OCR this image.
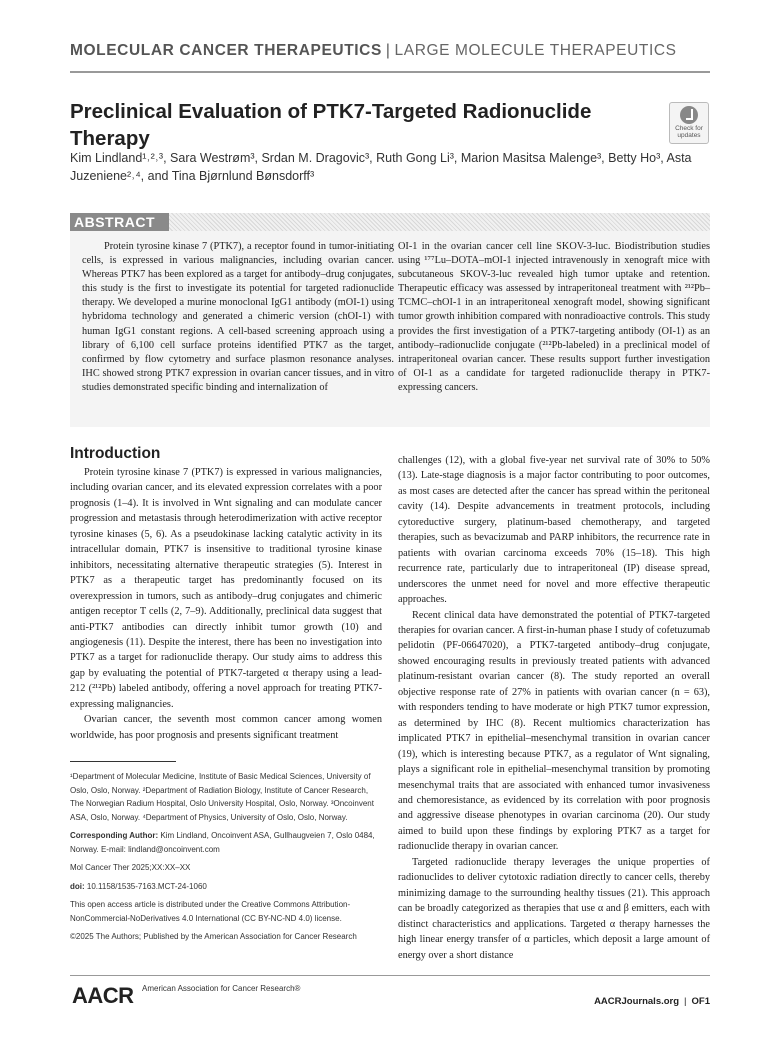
MOLECULAR CANCER THERAPEUTICS | LARGE MOLECULE THERAPEUTICS
Preclinical Evaluation of PTK7-Targeted Radionuclide Therapy	Check for updates
Kim Lindland¹˒²˒³, Sara Westrøm³, Srdan M. Dragovic³, Ruth Gong Li³, Marion Masitsa Malenge³, Betty Ho³, Asta Juzeniene²˒⁴, and Tina Bjørnlund Bønsdorff³
ABSTRACT

Protein tyrosine kinase 7 (PTK7), a receptor found in tumor-initiating cells, is expressed in various malignancies, including ovarian cancer. Whereas PTK7 has been explored as a target for antibody–drug conjugates, this study is the first to investigate its potential for targeted radionuclide therapy. We developed a murine monoclonal IgG1 antibody (mOI-1) using hybridoma technology and generated a chimeric version (chOI-1) with human IgG1 constant regions. A cell-based screening approach using a library of 6,100 cell surface proteins identified PTK7 as the target, confirmed by flow cytometry and surface plasmon resonance analyses. IHC showed strong PTK7 expression in ovarian cancer tissues, and in vitro studies demonstrated specific binding and internalization of

OI-1 in the ovarian cancer cell line SKOV-3-luc. Biodistribution studies using ¹⁷⁷Lu–DOTA–mOI-1 injected intravenously in xenograft mice with subcutaneous SKOV-3-luc revealed high tumor uptake and retention. Therapeutic efficacy was assessed by intraperitoneal treatment with ²¹²Pb–TCMC–chOI-1 in an intraperitoneal xenograft model, showing significant tumor growth inhibition compared with nonradioactive controls. This study provides the first investigation of a PTK7-targeting antibody (OI-1) as an antibody–radionuclide conjugate (²¹²Pb-labeled) in a preclinical model of intraperitoneal ovarian cancer. These results support further investigation of OI-1 as a candidate for targeted radionuclide therapy in PTK7-expressing cancers.

Introduction

Protein tyrosine kinase 7 (PTK7) is expressed in various malignancies, including ovarian cancer, and its elevated expression correlates with a poor prognosis (1–4). It is involved in Wnt signaling and can modulate cancer progression and metastasis through heterodimerization with active receptor tyrosine kinases (5, 6). As a pseudokinase lacking catalytic activity in its intracellular domain, PTK7 is insensitive to traditional tyrosine kinase inhibitors, necessitating alternative therapeutic strategies (5). Interest in PTK7 as a therapeutic target has predominantly focused on its overexpression in tumors, such as antibody–drug conjugates and chimeric antigen receptor T cells (2, 7–9). Additionally, preclinical data suggest that anti-PTK7 antibodies can directly inhibit tumor growth (10) and angiogenesis (11). Despite the interest, there has been no investigation into PTK7 as a target for radionuclide therapy. Our study aims to address this gap by evaluating the potential of PTK7-targeted α therapy using a lead-212 (²¹²Pb) labeled antibody, offering a novel approach for treating PTK7-expressing malignancies.

Ovarian cancer, the seventh most common cancer among women worldwide, has poor prognosis and presents significant treatment

challenges (12), with a global five-year net survival rate of 30% to 50% (13). Late-stage diagnosis is a major factor contributing to poor outcomes, as most cases are detected after the cancer has spread within the peritoneal cavity (14). Despite advancements in treatment protocols, including cytoreductive surgery, platinum-based chemotherapy, and targeted therapies, such as bevacizumab and PARP inhibitors, the recurrence rate in patients with ovarian carcinoma exceeds 70% (15–18). This high recurrence rate, particularly due to intraperitoneal (IP) disease spread, underscores the unmet need for novel and more effective therapeutic approaches.

Recent clinical data have demonstrated the potential of PTK7-targeted therapies for ovarian cancer. A first-in-human phase I study of cofetuzumab pelidotin (PF-06647020), a PTK7-targeted antibody–drug conjugate, showed encouraging results in previously treated patients with advanced platinum-resistant ovarian cancer (8). The study reported an overall objective response rate of 27% in patients with ovarian cancer (n = 63), with responders tending to have moderate or high PTK7 tumor expression, as determined by IHC (8). Recent multiomics characterization has implicated PTK7 in epithelial–mesenchymal transition in ovarian cancer (19), which is interesting because PTK7, as a regulator of Wnt signaling, plays a significant role in epithelial–mesenchymal transition by promoting mesenchymal traits that are associated with enhanced tumor invasiveness and chemoresistance, as evidenced by its correlation with poor prognosis and aggressive disease phenotypes in ovarian carcinoma (20). Our study aimed to build upon these findings by exploring PTK7 as a target for radionuclide therapy in ovarian cancer.

Targeted radionuclide therapy leverages the unique properties of radionuclides to deliver cytotoxic radiation directly to cancer cells, thereby minimizing damage to the surrounding healthy tissues (21). This approach can be broadly categorized as therapies that use α and β emitters, each with distinct characteristics and applications. Targeted α therapy harnesses the high linear energy transfer of α particles, which deposit a large amount of energy over a short distance

¹Department of Molecular Medicine, Institute of Basic Medical Sciences, University of Oslo, Oslo, Norway. ²Department of Radiation Biology, Institute of Cancer Research, The Norwegian Radium Hospital, Oslo University Hospital, Oslo, Norway. ³Oncoinvent ASA, Oslo, Norway. ⁴Department of Physics, University of Oslo, Oslo, Norway.

Corresponding Author: Kim Lindland, Oncoinvent ASA, Gullhaugveien 7, Oslo 0484, Norway. E-mail: lindland@oncoinvent.com

Mol Cancer Ther 2025;XX:XX–XX

doi: 10.1158/1535-7163.MCT-24-1060

This open access article is distributed under the Creative Commons Attribution-NonCommercial-NoDerivatives 4.0 International (CC BY-NC-ND 4.0) license.

©2025 The Authors; Published by the American Association for Cancer Research

AACR American Association for Cancer Research®
AACRJournals.org | OF1
